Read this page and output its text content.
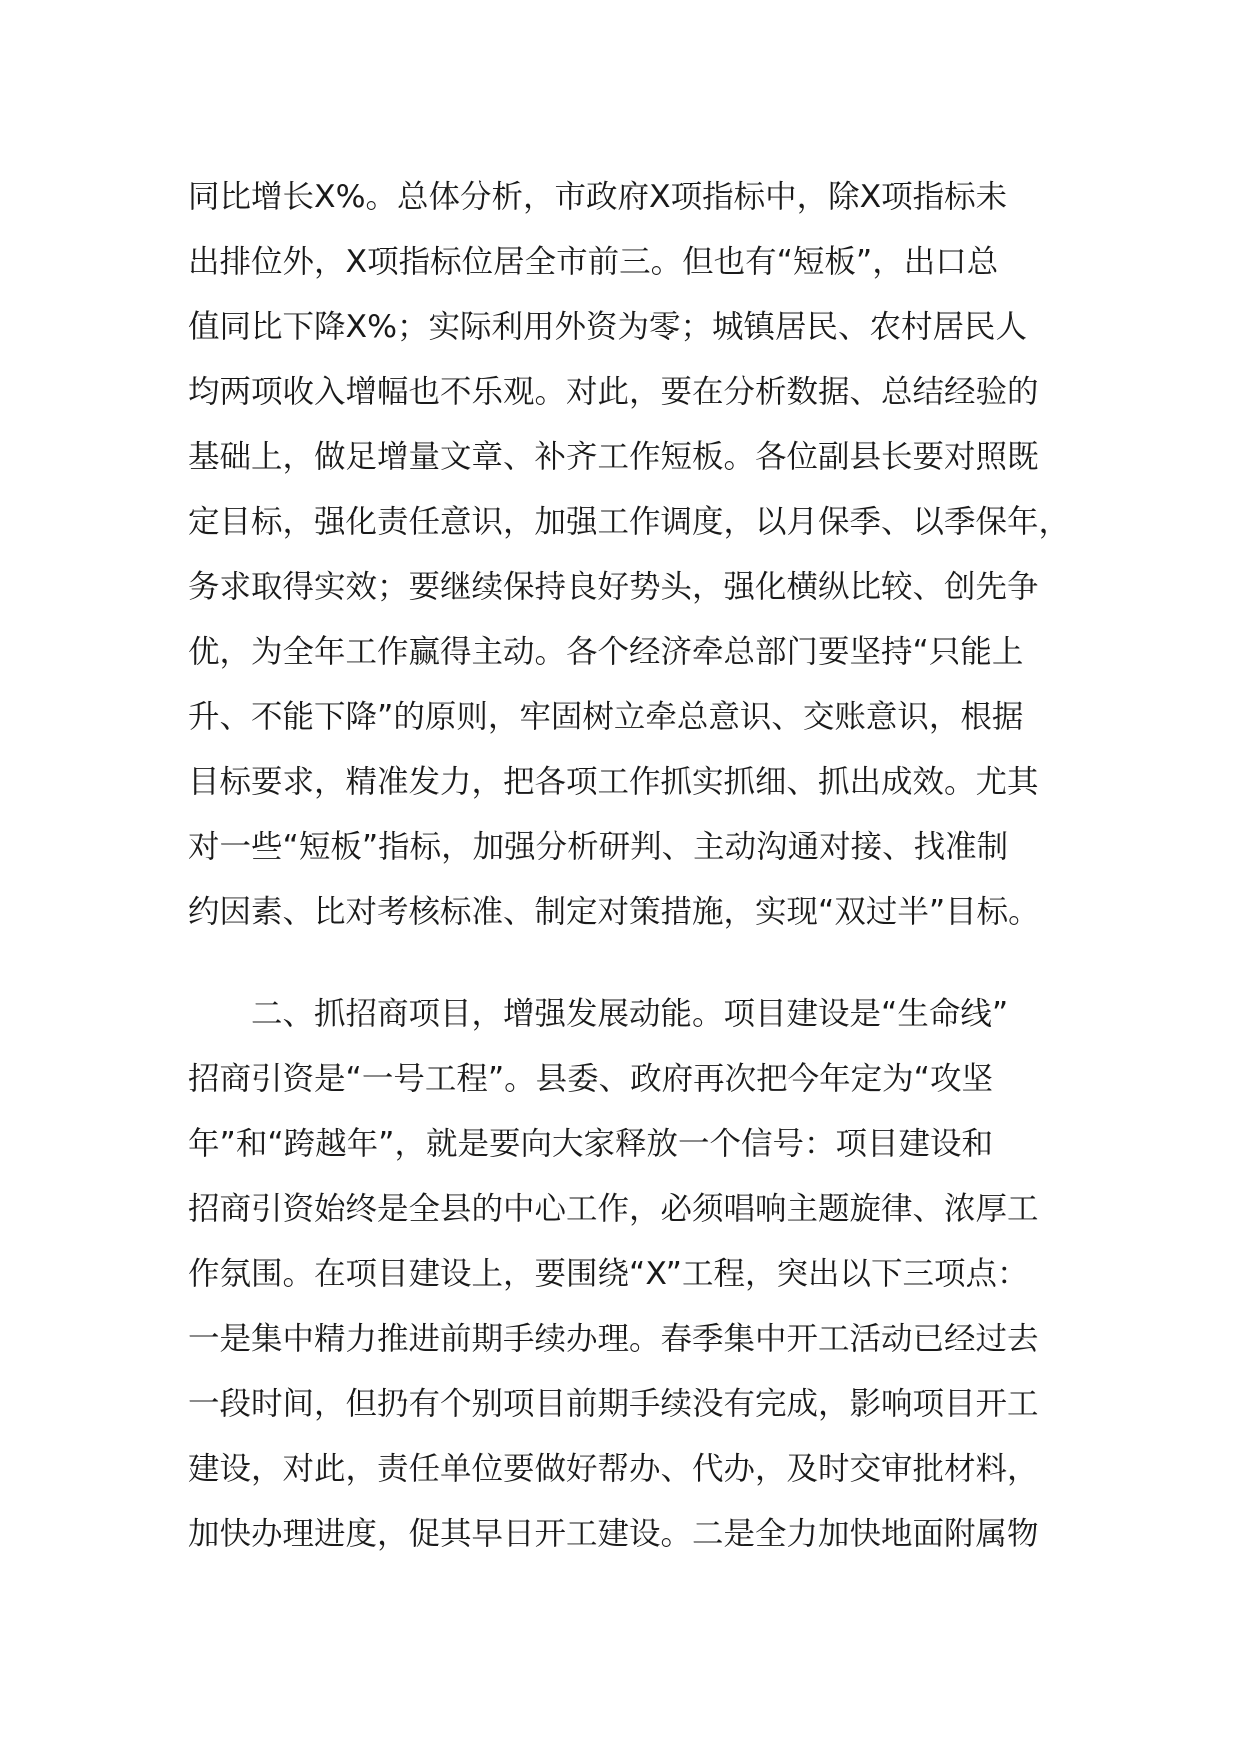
同比增长X%。总体分析，市政府X项指标中，除X项指标未
出排位外，X项指标位居全市前三。但也有“短板”，出口总
值同比下降X%；实际利用外资为零；城镇居民、农村居民人
均两项收入增幅也不乐观。对此，要在分析数据、总结经验的
基础上，做足增量文章、补齐工作短板。各位副县长要对照既
定目标，强化责任意识，加强工作调度，以月保季、以季保年，
务求取得实效；要继续保持良好势头，强化横纵比较、创先争
优，为全年工作赢得主动。各个经济牵总部门要坚持“只能上
升、不能下降”的原则，牢固树立牵总意识、交账意识，根据
目标要求，精准发力，把各项工作抓实抓细、抓出成效。尤其
对一些“短板”指标，加强分析研判、主动沟通对接、找准制
约因素、比对考核标准、制定对策措施，实现“双过半”目标。
　　二、抓招商项目，增强发展动能。项目建设是“生命线”
招商引资是“一号工程”。县委、政府再次把今年定为“攻坚
年”和“跨越年”，就是要向大家释放一个信号：项目建设和
招商引资始终是全县的中心工作，必须唱响主题旋律、浓厚工
作氛围。在项目建设上，要围绕“X”工程，突出以下三项点：
一是集中精力推进前期手续办理。春季集中开工活动已经过去
一段时间，但扔有个别项目前期手续没有完成，影响项目开工
建设，对此，责任单位要做好帮办、代办，及时交审批材料，
加快办理进度，促其早日开工建设。二是全力加快地面附属物
